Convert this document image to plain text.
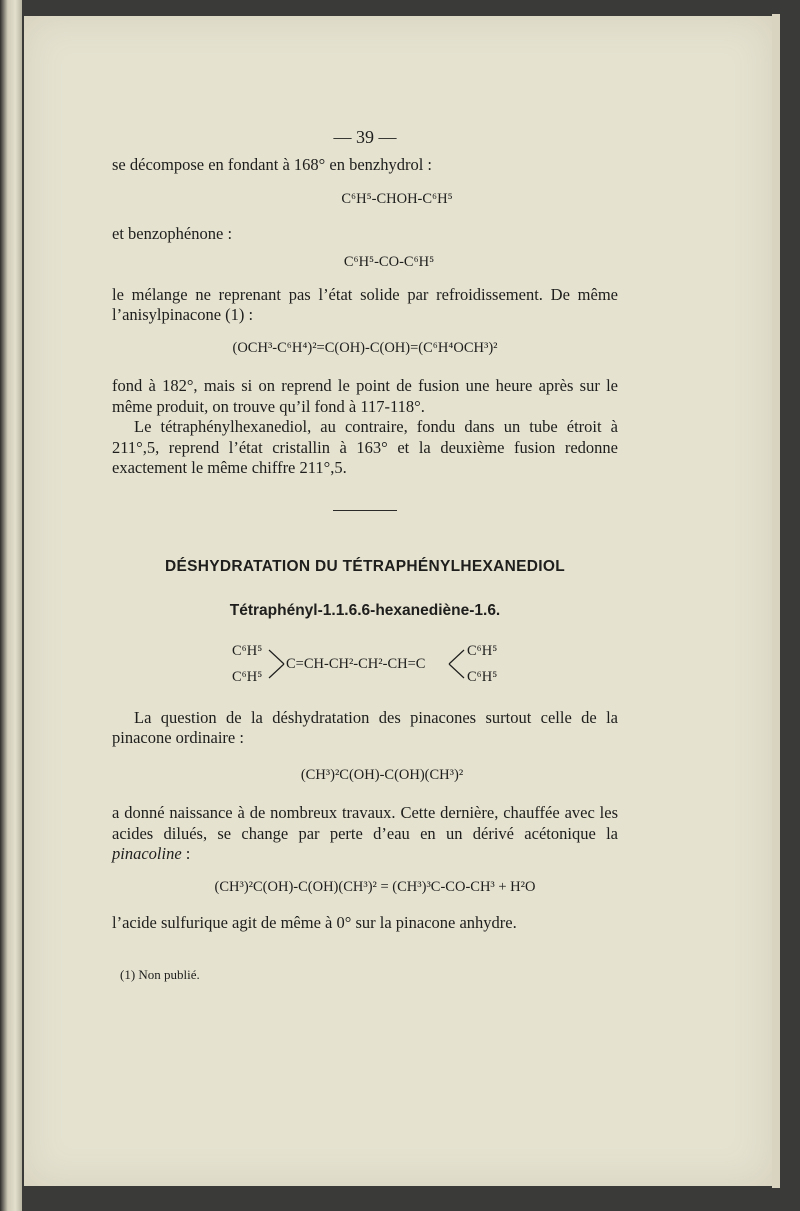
— 39 —

se décompose en fondant à 168° en benzhydrol :

C⁶H⁵-CHOH-C⁶H⁵

et benzophénone :

C⁶H⁵-CO-C⁶H⁵

le mélange ne reprenant pas l’état solide par refroidissement. De même l’anisylpinacone (1) :

(OCH³-C⁶H⁴)²=C(OH)-C(OH)=(C⁶H⁴OCH³)²

fond à 182°, mais si on reprend le point de fusion une heure après sur le même produit, on trouve qu’il fond à 117-118°.

Le tétraphénylhexanediol, au contraire, fondu dans un tube étroit à 211°,5, reprend l’état cristallin à 163° et la deuxième fusion redonne exactement le même chiffre 211°,5.

DÉSHYDRATATION DU TÉTRAPHÉNYLHEXANEDIOL
Tétraphényl-1.1.6.6-hexanediène-1.6.
C⁶H⁵
C⁶H⁵
C=CH-CH²-CH²-CH=C
C⁶H⁵
C⁶H⁵

La question de la déshydratation des pinacones surtout celle de la pinacone ordinaire :

(CH³)²C(OH)-C(OH)(CH³)²

a donné naissance à de nombreux travaux. Cette dernière, chauffée avec les acides dilués, se change par perte d’eau en un dérivé acétonique la pinacoline :

(CH³)²C(OH)-C(OH)(CH³)² = (CH³)³C-CO-CH³ + H²O

l’acide sulfurique agit de même à 0° sur la pinacone anhydre.

(1) Non publié.
